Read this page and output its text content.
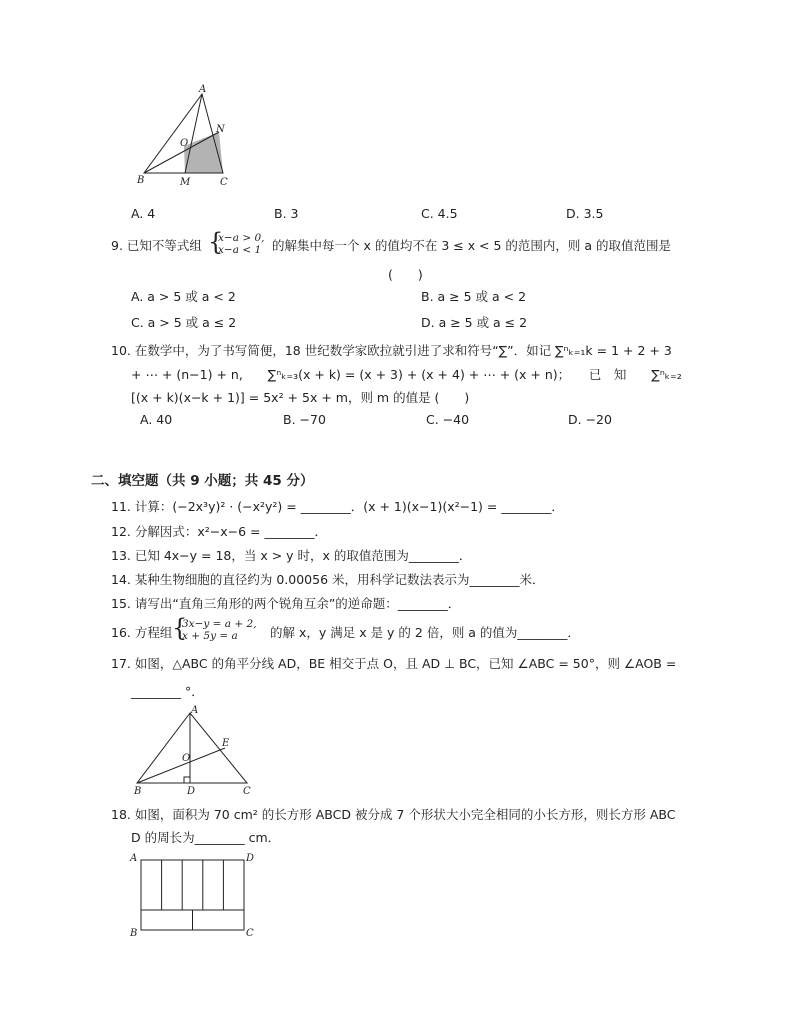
A
N
O
B	M	C
A. 4	B. 3	C. 4.5	D. 3.5
9. 已知不等式组 {
x−a > 0,
x−a < 1 的解集中每一个 x 的值均不在 3 ≤ x < 5 的范围内，则 a 的取值范围是
(　　)
A. a > 5 或 a < 2	B. a ≥ 5 或 a < 2
C. a > 5 或 a ≤ 2	D. a ≥ 5 或 a ≤ 2
10. 在数学中，为了书写简便，18 世纪数学家欧拉就引进了求和符号“∑”．如记 ∑ⁿₖ₌₁k = 1 + 2 + 3
+ ⋯ + (n−1) + n,　　∑ⁿₖ₌₃(x + k) = (x + 3) + (x + 4) + ⋯ + (x + n)；　　已　知　　∑ⁿₖ₌₂
[(x + k)(x−k + 1)] = 5x² + 5x + m，则 m 的值是 (　　)
A. 40	B. −70	C. −40	D. −20
二、填空题（共 9 小题；共 45 分）
11. 计算：(−2x³y)² · (−x²y²) = ________．(x + 1)(x−1)(x²−1) = ________．
12. 分解因式：x²−x−6 = ________．
13. 已知 4x−y = 18，当 x > y 时，x 的取值范围为________．
14. 某种生物细胞的直径约为 0.00056 米，用科学记数法表示为________米．
15. 请写出“直角三角形的两个锐角互余”的逆命题：________．
16. 方程组 {
3x−y = a + 2,
x + 5y = a	的解 x，y 满足 x 是 y 的 2 倍，则 a 的值为________．
17. 如图，△ABC 的角平分线 AD，BE 相交于点 O，且 AD ⊥ BC，已知 ∠ABC = 50°，则 ∠AOB =
________ °．
A
E
O
B	D	C
18. 如图，面积为 70 cm² 的长方形 ABCD 被分成 7 个形状大小完全相同的小长方形，则长方形 ABC
D 的周长为________ cm．
A	D
B	C
